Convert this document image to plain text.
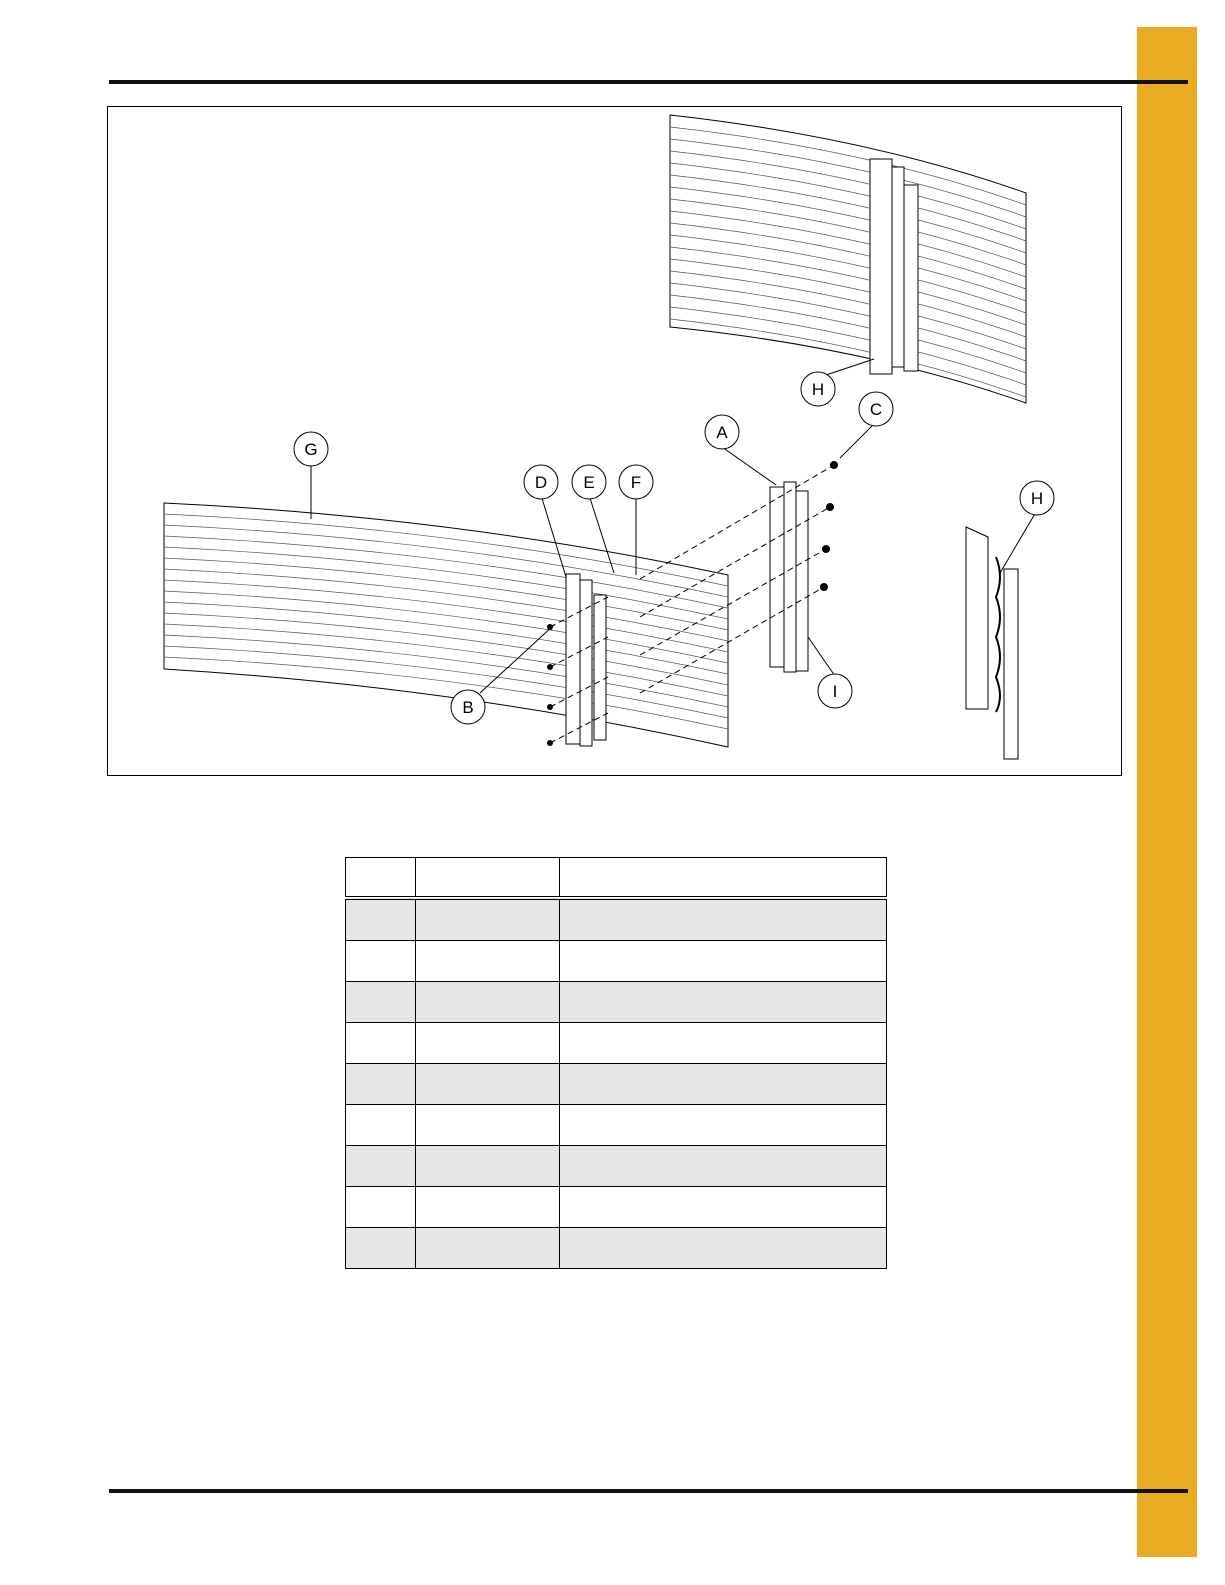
A
B
C
D E F
G
H
H
I
